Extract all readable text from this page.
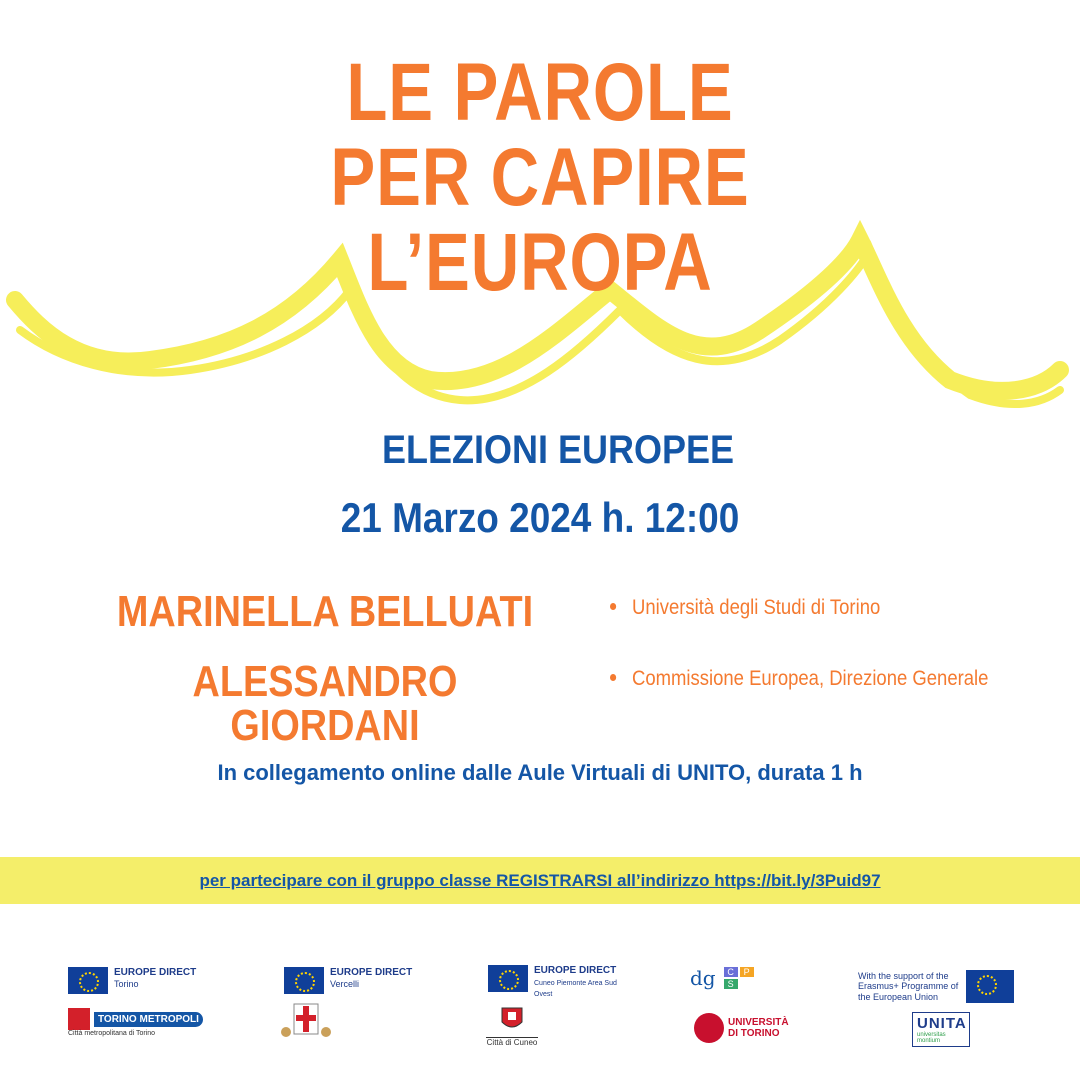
LE PAROLE
PER CAPIRE
L’EUROPA
ELEZIONI EUROPEE
21 Marzo 2024 h. 12:00
MARINELLA BELLUATI
ALESSANDRO GIORDANI
Università degli Studi di Torino
Commissione Europea, Direzione Generale
In collegamento online dalle Aule Virtuali di UNITO, durata 1 h
per partecipare con il gruppo classe REGISTRARSI all’indirizzo https://bit.ly/3Puid97
EUROPE DIRECT
Torino
TORINO METROPOLI
Città metropolitana di Torino
EUROPE DIRECT
Vercelli
EUROPE DIRECT
Cuneo Piemonte Area Sud Ovest
Città di Cuneo
dg	C	P
S
UNIVERSITÀ DI TORINO
With the support of the Erasmus+ Programme of the European Union
UNITA
universitas montium
